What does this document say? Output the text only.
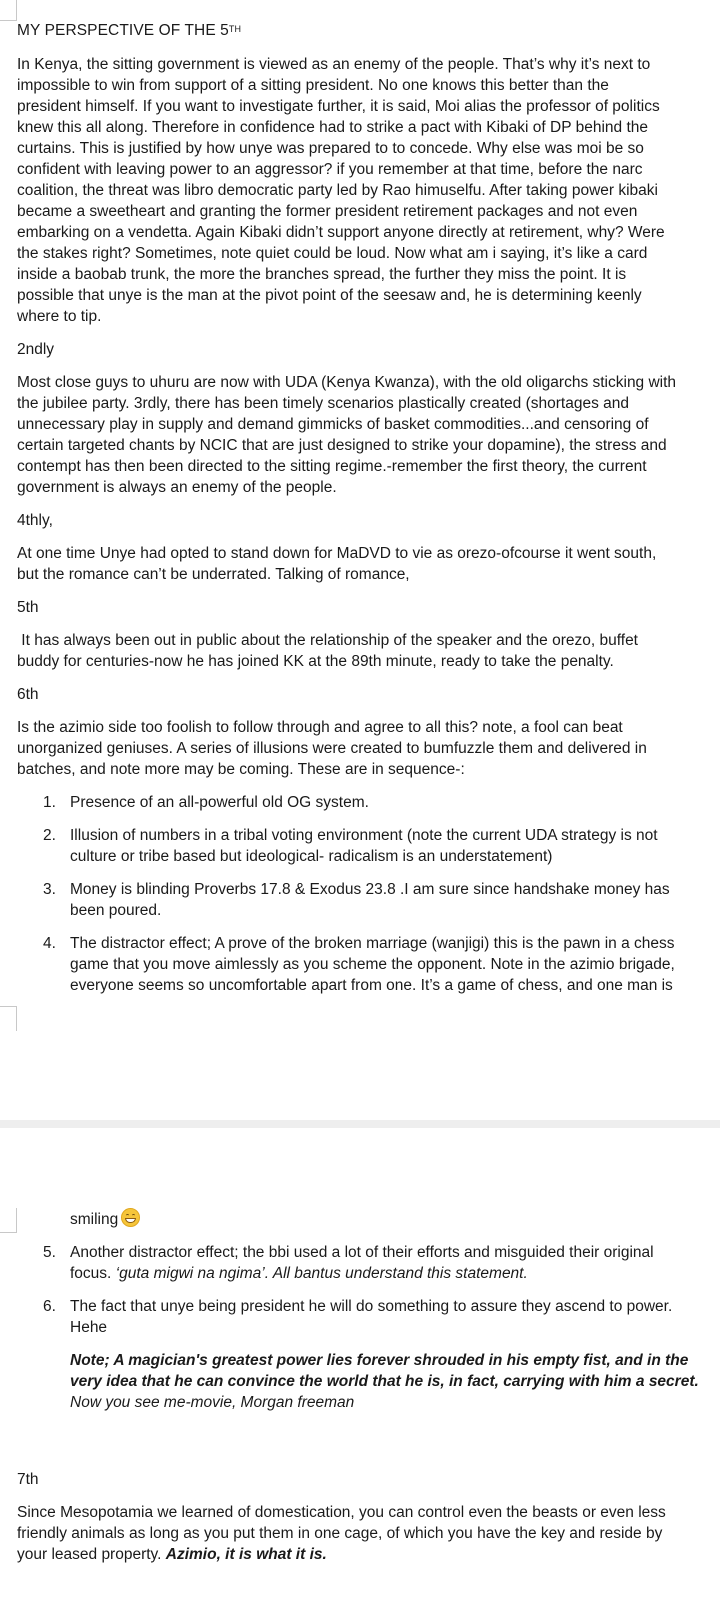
MY PERSPECTIVE OF THE 5TH
In Kenya, the sitting government is viewed as an enemy of the people. That’s why it’s next to
impossible to win from support of a sitting president. No one knows this better than the
president himself. If you want to investigate further, it is said, Moi alias the professor of politics
knew this all along. Therefore in confidence had to strike a pact with Kibaki of DP behind the
curtains. This is justified by how unye was prepared to to concede. Why else was moi be so
confident with leaving power to an aggressor? if you remember at that time, before the narc
coalition, the threat was libro democratic party led by Rao himuselfu. After taking power kibaki
became a sweetheart and granting the former president retirement packages and not even
embarking on a vendetta. Again Kibaki didn’t support anyone directly at retirement, why? Were
the stakes right? Sometimes, note quiet could be loud. Now what am i saying, it’s like a card
inside a baobab trunk, the more the branches spread, the further they miss the point. It is
possible that unye is the man at the pivot point of the seesaw and, he is determining keenly
where to tip.
2ndly
Most close guys to uhuru are now with UDA (Kenya Kwanza), with the old oligarchs sticking with
the jubilee party. 3rdly, there has been timely scenarios plastically created (shortages and
unnecessary play in supply and demand gimmicks of basket commodities...and censoring of
certain targeted chants by NCIC that are just designed to strike your dopamine), the stress and
contempt has then been directed to the sitting regime.-remember the first theory, the current
government is always an enemy of the people.
4thly,
At one time Unye had opted to stand down for MaDVD to vie as orezo-ofcourse it went south,
but the romance can’t be underrated. Talking of romance,
5th
It has always been out in public about the relationship of the speaker and the orezo, buffet
buddy for centuries-now he has joined KK at the 89th minute, ready to take the penalty.
6th
Is the azimio side too foolish to follow through and agree to all this? note, a fool can beat
unorganized geniuses. A series of illusions were created to bumfuzzle them and delivered in
batches, and note more may be coming. These are in sequence-:
1. Presence of an all-powerful old OG system.
2. Illusion of numbers in a tribal voting environment (note the current UDA strategy is not
culture or tribe based but ideological- radicalism is an understatement)
3. Money is blinding Proverbs 17.8 & Exodus 23.8 .I am sure since handshake money has
been poured.
4. The distractor effect; A prove of the broken marriage (wanjigi) this is the pawn in a chess
game that you move aimlessly as you scheme the opponent. Note in the azimio brigade,
everyone seems so uncomfortable apart from one. It’s a game of chess, and one man is
smiling
5. Another distractor effect; the bbi used a lot of their efforts and misguided their original
focus. ‘guta migwi na ngima’. All bantus understand this statement.
6. The fact that unye being president he will do something to assure they ascend to power.
Hehe
Note; A magician's greatest power lies forever shrouded in his empty fist, and in the
very idea that he can convince the world that he is, in fact, carrying with him a secret.
Now you see me-movie, Morgan freeman
7th
Since Mesopotamia we learned of domestication, you can control even the beasts or even less
friendly animals as long as you put them in one cage, of which you have the key and reside by
your leased property. Azimio, it is what it is.
